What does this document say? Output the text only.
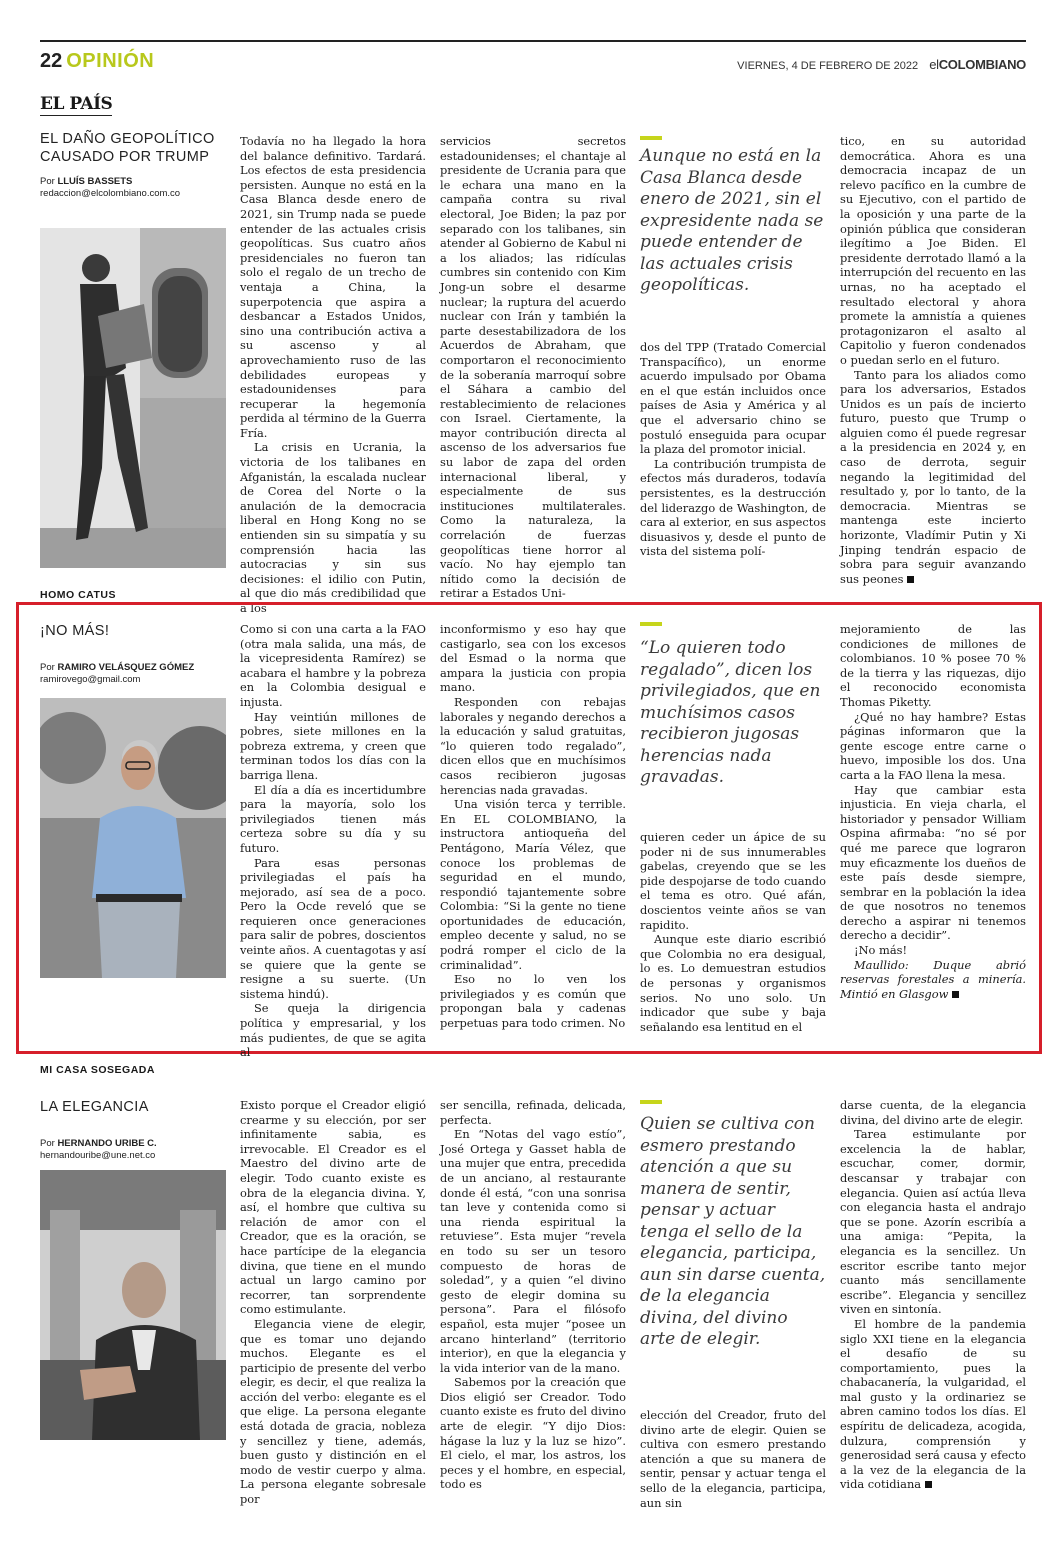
22 OPINIÓN	VIERNES, 4 DE FEBRERO DE 2022 elCOLOMBIANO
EL PAÍS
EL DAÑO GEOPOLÍTICO CAUSADO POR TRUMP
Por LLUÍS BASSETS
redaccion@elcolombiano.com.co

Todavía no ha llegado la hora del balance definitivo. Tardará. Los efectos de esta presidencia persisten. Aunque no está en la Casa Blanca desde enero de 2021, sin Trump nada se puede entender de las actuales crisis geopolíticas. Sus cuatro años presidenciales no fueron tan solo el regalo de un trecho de ventaja a China, la superpotencia que aspira a desbancar a Estados Unidos, sino una contribución activa a su ascenso y al aprovechamiento ruso de las debilidades europeas y estadounidenses para recuperar la hegemonía perdida al término de la Guerra Fría.

La crisis en Ucrania, la victoria de los talibanes en Afganistán, la escalada nuclear de Corea del Norte o la anulación de la democracia liberal en Hong Kong no se entienden sin su simpatía y su comprensión hacia las autocracias y sin sus decisiones: el idilio con Putin, al que dio más credibilidad que a los

servicios secretos estadounidenses; el chantaje al presidente de Ucrania para que le echara una mano en la campaña contra su rival electoral, Joe Biden; la paz por separado con los talibanes, sin atender al Gobierno de Kabul ni a los aliados; las ridículas cumbres sin contenido con Kim Jong-un sobre el desarme nuclear; la ruptura del acuerdo nuclear con Irán y también la parte desestabilizadora de los Acuerdos de Abraham, que comportaron el reconocimiento de la soberanía marroquí sobre el Sáhara a cambio del restablecimiento de relaciones con Israel. Ciertamente, la mayor contribución directa al ascenso de los adversarios fue su labor de zapa del orden internacional liberal, y especialmente de sus instituciones multilaterales. Como la naturaleza, la correlación de fuerzas geopolíticas tiene horror al vacío. No hay ejemplo tan nítido como la decisión de retirar a Estados Uni-

Aunque no está en la Casa Blanca desde enero de 2021, sin el expresidente nada se puede entender de las actuales crisis geopolíticas.

dos del TPP (Tratado Comercial Transpacífico), un enorme acuerdo impulsado por Obama en el que están incluidos once países de Asia y América y al que el adversario chino se postuló enseguida para ocupar la plaza del promotor inicial.

La contribución trumpista de efectos más duraderos, todavía persistentes, es la destrucción del liderazgo de Washington, de cara al exterior, en sus aspectos disuasivos y, desde el punto de vista del sistema polí-

tico, en su autoridad democrática. Ahora es una democracia incapaz de un relevo pacífico en la cumbre de su Ejecutivo, con el partido de la oposición y una parte de la opinión pública que consideran ilegítimo a Joe Biden. El presidente derrotado llamó a la interrupción del recuento en las urnas, no ha aceptado el resultado electoral y ahora promete la amnistía a quienes protagonizaron el asalto al Capitolio y fueron condenados o puedan serlo en el futuro.

Tanto para los aliados como para los adversarios, Estados Unidos es un país de incierto futuro, puesto que Trump o alguien como él puede regresar a la presidencia en 2024 y, en caso de derrota, seguir negando la legitimidad del resultado y, por lo tanto, de la democracia. Mientras se mantenga este incierto horizonte, Vladímir Putin y Xi Jinping tendrán espacio de sobra para seguir avanzando sus peones

HOMO CATUS
¡NO MÁS!
Por RAMIRO VELÁSQUEZ GÓMEZ
ramirovego@gmail.com

Como si con una carta a la FAO (otra mala salida, una más, de la vicepresidenta Ramírez) se acabara el hambre y la pobreza en la Colombia desigual e injusta.

Hay veintiún millones de pobres, siete millones en la pobreza extrema, y creen que terminan todos los días con la barriga llena.

El día a día es incertidumbre para la mayoría, solo los privilegiados tienen más certeza sobre su día y su futuro.

Para esas personas privilegiadas el país ha mejorado, así sea de a poco. Pero la Ocde reveló que se requieren once generaciones para salir de pobres, doscientos veinte años. A cuentagotas y así se quiere que la gente se resigne a su suerte. (Un sistema hindú).

Se queja la dirigencia política y empresarial, y los más pudientes, de que se agita al

inconformismo y eso hay que castigarlo, sea con los excesos del Esmad o la norma que ampara la justicia con propia mano.

Responden con rebajas laborales y negando derechos a la educación y salud gratuitas, “lo quieren todo regalado”, dicen ellos que en muchísimos casos recibieron jugosas herencias nada gravadas.

Una visión terca y terrible. En EL COLOMBIANO, la instructora antioqueña del Pentágono, María Vélez, que conoce los problemas de seguridad en el mundo, respondió tajantemente sobre Colombia: “Si la gente no tiene oportunidades de educación, empleo decente y salud, no se podrá romper el ciclo de la criminalidad”.

Eso no lo ven los privilegiados y es común que propongan bala y cadenas perpetuas para todo crimen. No

“Lo quieren todo regalado”, dicen los privilegiados, que en muchísimos casos recibieron jugosas herencias nada gravadas.

quieren ceder un ápice de su poder ni de sus innumerables gabelas, creyendo que se les pide despojarse de todo cuando el tema es otro. Qué afán, doscientos veinte años se van rapidito.

Aunque este diario escribió que Colombia no era desigual, lo es. Lo demuestran estudios de personas y organismos serios. No uno solo. Un indicador que sube y baja señalando esa lentitud en el

mejoramiento de las condiciones de millones de colombianos. 10 % posee 70 % de la tierra y las riquezas, dijo el reconocido economista Thomas Piketty.

¿Qué no hay hambre? Estas páginas informaron que la gente escoge entre carne o huevo, imposible los dos. Una carta a la FAO llena la mesa.

Hay que cambiar esta injusticia. En vieja charla, el historiador y pensador William Ospina afirmaba: “no sé por qué me parece que lograron muy eficazmente los dueños de este país desde siempre, sembrar en la población la idea de que nosotros no tenemos derecho a aspirar ni tenemos derecho a decidir”.

¡No más!

Maullido: Duque abrió reservas forestales a minería. Mintió en Glasgow

MI CASA SOSEGADA
LA ELEGANCIA
Por HERNANDO URIBE C.
hernandouribe@une.net.co

Existo porque el Creador eligió crearme y su elección, por ser infinitamente sabia, es irrevocable. El Creador es el Maestro del divino arte de elegir. Todo cuanto existe es obra de la elegancia divina. Y, así, el hombre que cultiva su relación de amor con el Creador, que es la oración, se hace partícipe de la elegancia divina, que tiene en el mundo actual un largo camino por recorrer, tan sorprendente como estimulante.

Elegancia viene de elegir, que es tomar uno dejando muchos. Elegante es el participio de presente del verbo elegir, es decir, el que realiza la acción del verbo: elegante es el que elige. La persona elegante está dotada de gracia, nobleza y sencillez y tiene, además, buen gusto y distinción en el modo de vestir cuerpo y alma. La persona elegante sobresale por

ser sencilla, refinada, delicada, perfecta.

En “Notas del vago estío”, José Ortega y Gasset habla de una mujer que entra, precedida de un anciano, al restaurante donde él está, “con una sonrisa tan leve y contenida como si una rienda espiritual la retuviese”. Esta mujer “revela en todo su ser un tesoro compuesto de horas de soledad”, y a quien “el divino gesto de elegir domina su persona”. Para el filósofo español, esta mujer “posee un arcano hinterland” (territorio interior), en que la elegancia y la vida interior van de la mano.

Sabemos por la creación que Dios eligió ser Creador. Todo cuanto existe es fruto del divino arte de elegir. “Y dijo Dios: hágase la luz y la luz se hizo”. El cielo, el mar, los astros, los peces y el hombre, en especial, todo es

Quien se cultiva con esmero prestando atención a que su manera de sentir, pensar y actuar tenga el sello de la elegancia, participa, aun sin darse cuenta, de la elegancia divina, del divino arte de elegir.

elección del Creador, fruto del divino arte de elegir. Quien se cultiva con esmero prestando atención a que su manera de sentir, pensar y actuar tenga el sello de la elegancia, participa, aun sin

darse cuenta, de la elegancia divina, del divino arte de elegir.

Tarea estimulante por excelencia la de hablar, escuchar, comer, dormir, descansar y trabajar con elegancia. Quien así actúa lleva con elegancia hasta el andrajo que se pone. Azorín escribía a una amiga: “Pepita, la elegancia es la sencillez. Un escritor escribe tanto mejor cuanto más sencillamente escribe”. Elegancia y sencillez viven en sintonía.

El hombre de la pandemia siglo XXI tiene en la elegancia el desafío de su comportamiento, pues la chabacanería, la vulgaridad, el mal gusto y la ordinariez se abren camino todos los días. El espíritu de delicadeza, acogida, dulzura, comprensión y generosidad será causa y efecto a la vez de la elegancia de la vida cotidiana
